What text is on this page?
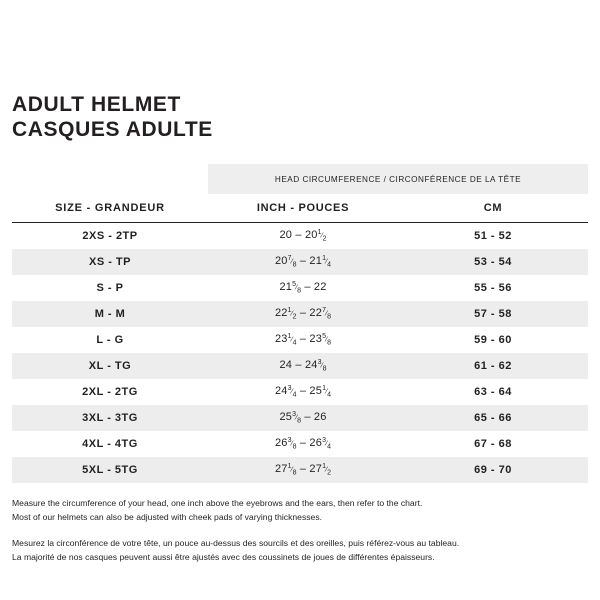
ADULT HELMET
CASQUES ADULTE
	HEAD CIRCUMFERENCE / CIRCONFÉRENCE DE LA TÊTE	
SIZE - GRANDEUR	INCH - POUCES	CM
2XS - 2TP	$20 - 20^1⁄_2$	51 - 52
XS - TP	$20^7⁄_8$ – $21^1⁄_4$	53 - 54
S - P	$21^5⁄_8 - 22$	55 - 56
M - M	$22^1⁄_2$ – $22^7⁄_8$	57 - 58
L - G	$23^1⁄_4$ – $23^5⁄_8$	59 - 60
XL - TG	$24 - 24^3⁄_8$	61 - 62
2XL - 2TG	$24^3⁄_4$ – $25^1⁄_4$	63 - 64
3XL - 3TG	$25^3⁄_8 - 26$	65 - 66
4XL - 4TG	$26^3⁄_8$ – $26^3⁄_4$	67 - 68
5XL - 5TG	$27^1⁄_8$ – $27^1⁄_2$	69 - 70

Measure the circumference of your head, one inch above the eyebrows and the ears, then refer to the chart.

Most of our helmets can also be adjusted with cheek pads of varying thicknesses.

Mesurez la circonférence de votre tête, un pouce au-dessus des sourcils et des oreilles, puis référez-vous au tableau.

La majorité de nos casques peuvent aussi être ajustés avec des coussinets de joues de différentes épaisseurs.
